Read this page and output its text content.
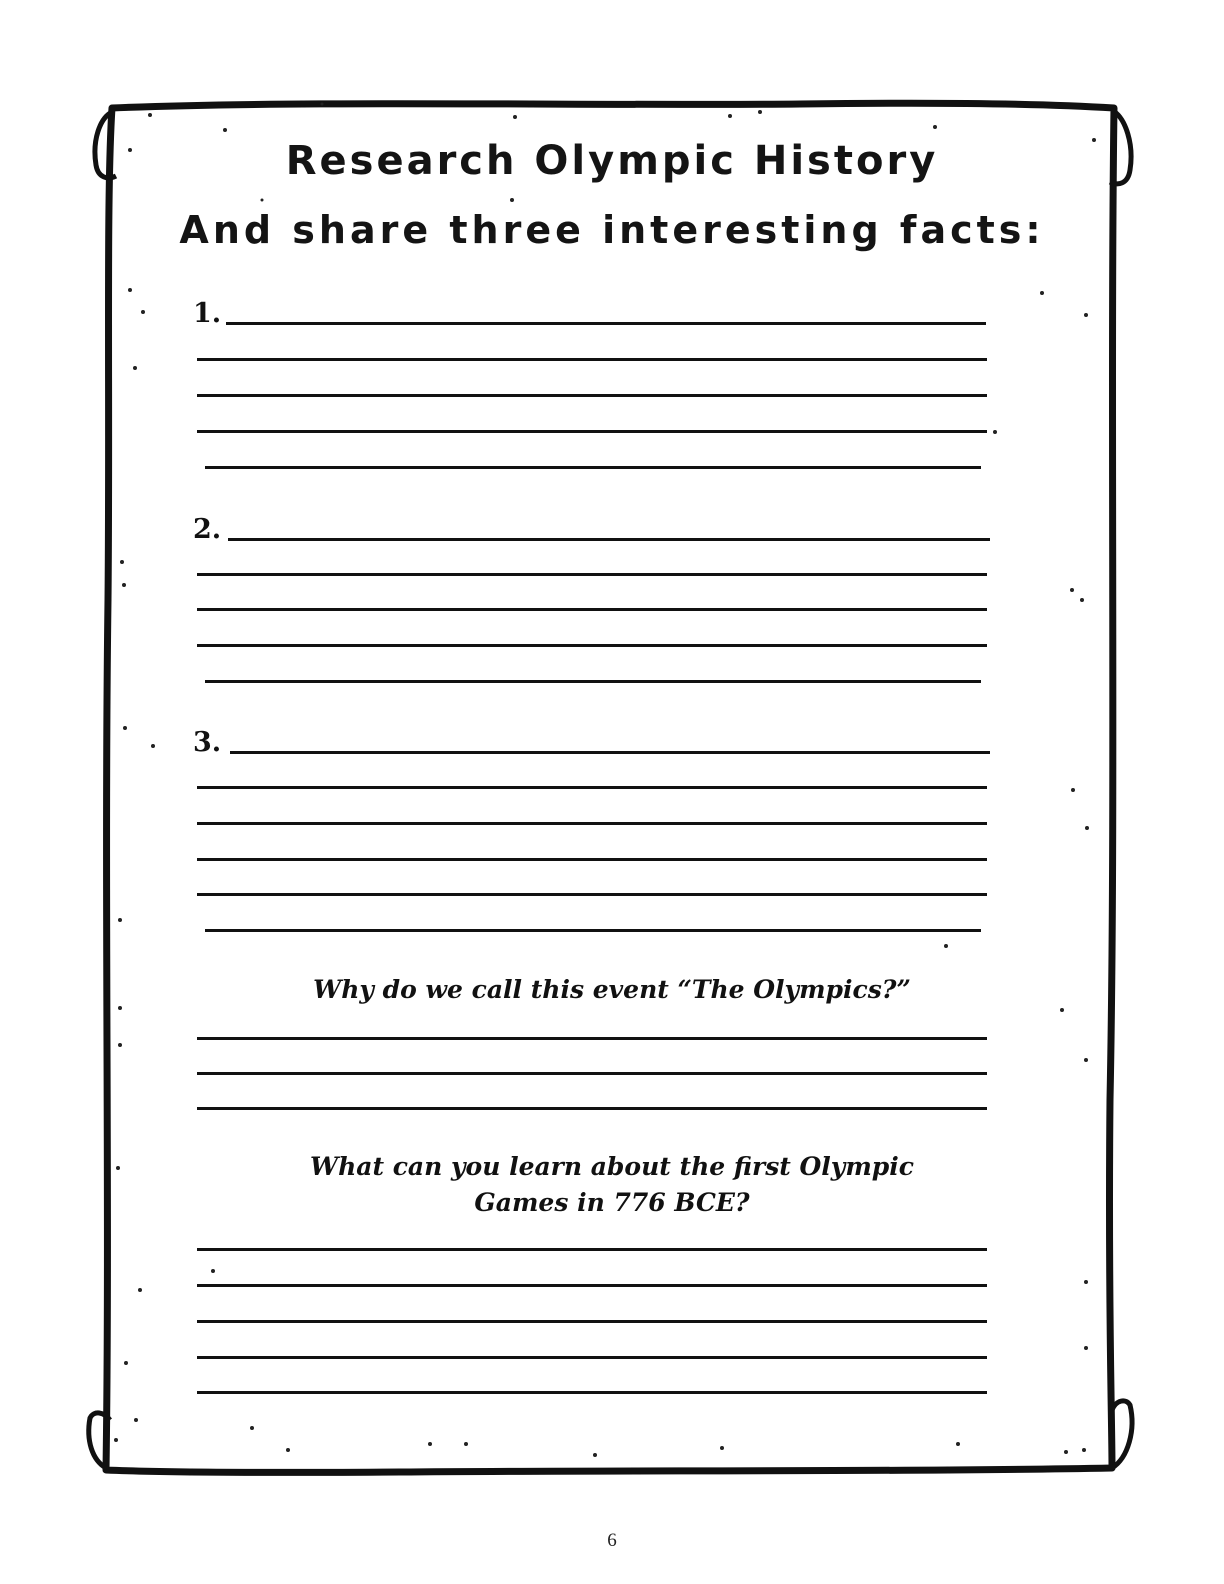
Research Olympic History
And share three interesting facts:
1.
2.
3.
Why do we call this event “The Olympics?”
What can you learn about the first Olympic
Games in 776 BCE?
6
